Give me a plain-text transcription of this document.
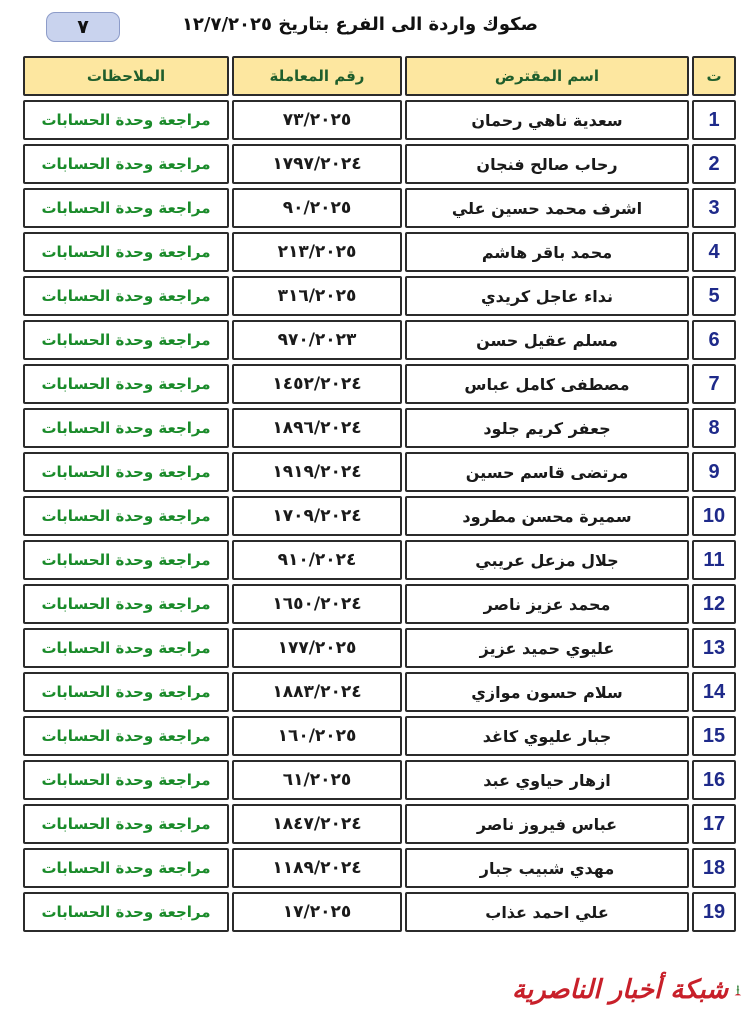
٧	صكوك واردة الى الفرع بتاريخ ١٢/٧/٢٠٢٥
ت	اسم المقترض	رقم المعاملة	الملاحظات
1	سعدية ناهي رحمان	٧٣/٢٠٢٥	مراجعة وحدة الحسابات
2	رحاب صالح فنجان	١٧٩٧/٢٠٢٤	مراجعة وحدة الحسابات
3	اشرف محمد حسين علي	٩٠/٢٠٢٥	مراجعة وحدة الحسابات
4	محمد باقر هاشم	٢١٣/٢٠٢٥	مراجعة وحدة الحسابات
5	نداء عاجل كريدي	٣١٦/٢٠٢٥	مراجعة وحدة الحسابات
6	مسلم عقيل حسن	٩٧٠/٢٠٢٣	مراجعة وحدة الحسابات
7	مصطفى كامل عباس	١٤٥٢/٢٠٢٤	مراجعة وحدة الحسابات
8	جعفر كريم جلود	١٨٩٦/٢٠٢٤	مراجعة وحدة الحسابات
9	مرتضى قاسم حسين	١٩١٩/٢٠٢٤	مراجعة وحدة الحسابات
10	سميرة محسن مطرود	١٧٠٩/٢٠٢٤	مراجعة وحدة الحسابات
11	جلال مزعل عريبي	٩١٠/٢٠٢٤	مراجعة وحدة الحسابات
12	محمد عزيز ناصر	١٦٥٠/٢٠٢٤	مراجعة وحدة الحسابات
13	عليوي حميد عزيز	١٧٧/٢٠٢٥	مراجعة وحدة الحسابات
14	سلام حسون موازي	١٨٨٣/٢٠٢٤	مراجعة وحدة الحسابات
15	جبار عليوي كاغد	١٦٠/٢٠٢٥	مراجعة وحدة الحسابات
16	ازهار حياوي عبد	٦١/٢٠٢٥	مراجعة وحدة الحسابات
17	عباس فيروز ناصر	١٨٤٧/٢٠٢٤	مراجعة وحدة الحسابات
18	مهدي شبيب جبار	١١٨٩/٢٠٢٤	مراجعة وحدة الحسابات
19	علي احمد عذاب	١٧/٢٠٢٥	مراجعة وحدة الحسابات
شبكة أخبار الناصرية
